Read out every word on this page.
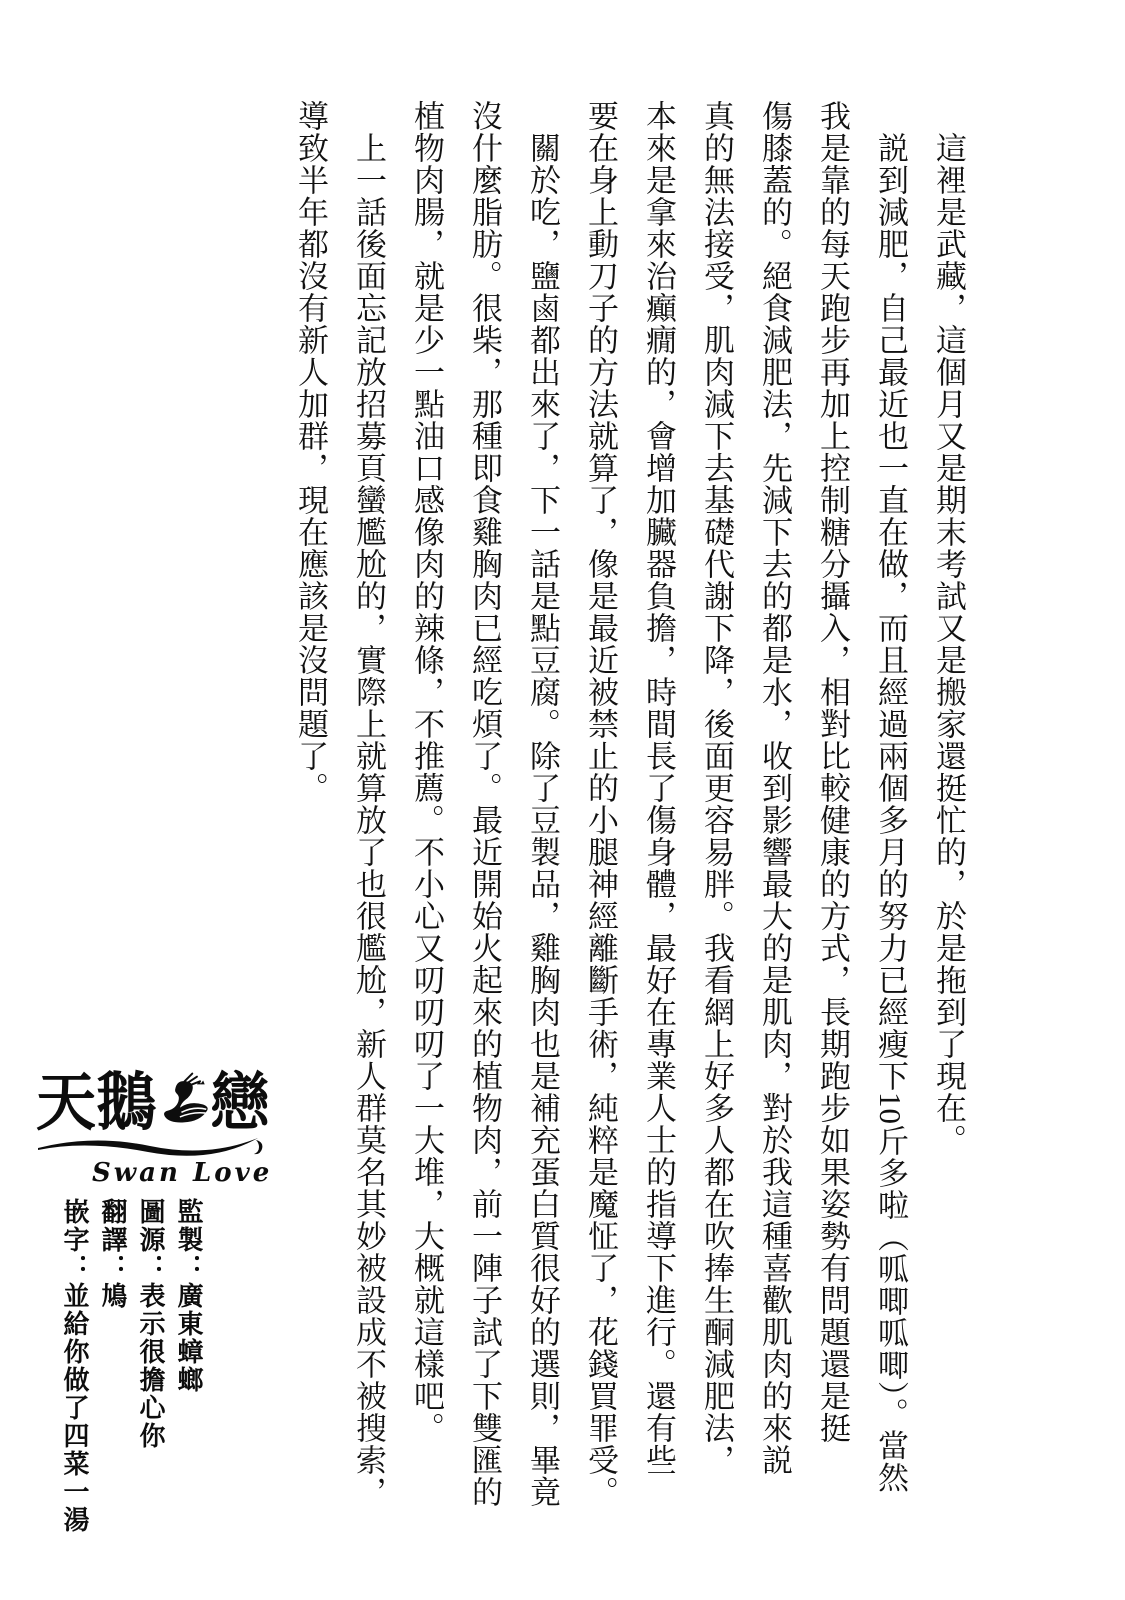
這裡是武藏，這個月又是期末考試又是搬家還挺忙的，於是拖到了現在。
説到減肥，自己最近也一直在做，而且經過兩個多月的努力已經瘦下10斤多啦（呱唧呱唧）。當然
我是靠的每天跑步再加上控制糖分攝入，相對比較健康的方式，長期跑步如果姿勢有問題還是挺
傷膝蓋的。絕食減肥法，先減下去的都是水，收到影響最大的是肌肉，對於我這種喜歡肌肉的來説
真的無法接受，肌肉減下去基礎代謝下降，後面更容易胖。我看網上好多人都在吹捧生酮減肥法，
本來是拿來治癲癇的，會增加臟器負擔，時間長了傷身體，最好在專業人士的指導下進行。還有些
要在身上動刀子的方法就算了，像是最近被禁止的小腿神經離斷手術，純粹是魔怔了，花錢買罪受。
關於吃，鹽鹵都出來了，下一話是點豆腐。除了豆製品，雞胸肉也是補充蛋白質很好的選則，畢竟
沒什麼脂肪。很柴，那種即食雞胸肉已經吃煩了。最近開始火起來的植物肉，前一陣子試了下雙匯的
植物肉腸，就是少一點油口感像肉的辣條，不推薦。不小心又叨叨叨了一大堆，大概就這樣吧。
上一話後面忘記放招募頁蠻尷尬的，實際上就算放了也很尷尬，新人群莫名其妙被設成不被搜索，
導致半年都沒有新人加群，現在應該是沒問題了。
天鵝 戀
Swan Love
監製：廣東蟑螂
圖源：表示很擔心你
翻譯：鳩
嵌字：並給你做了四菜一湯
